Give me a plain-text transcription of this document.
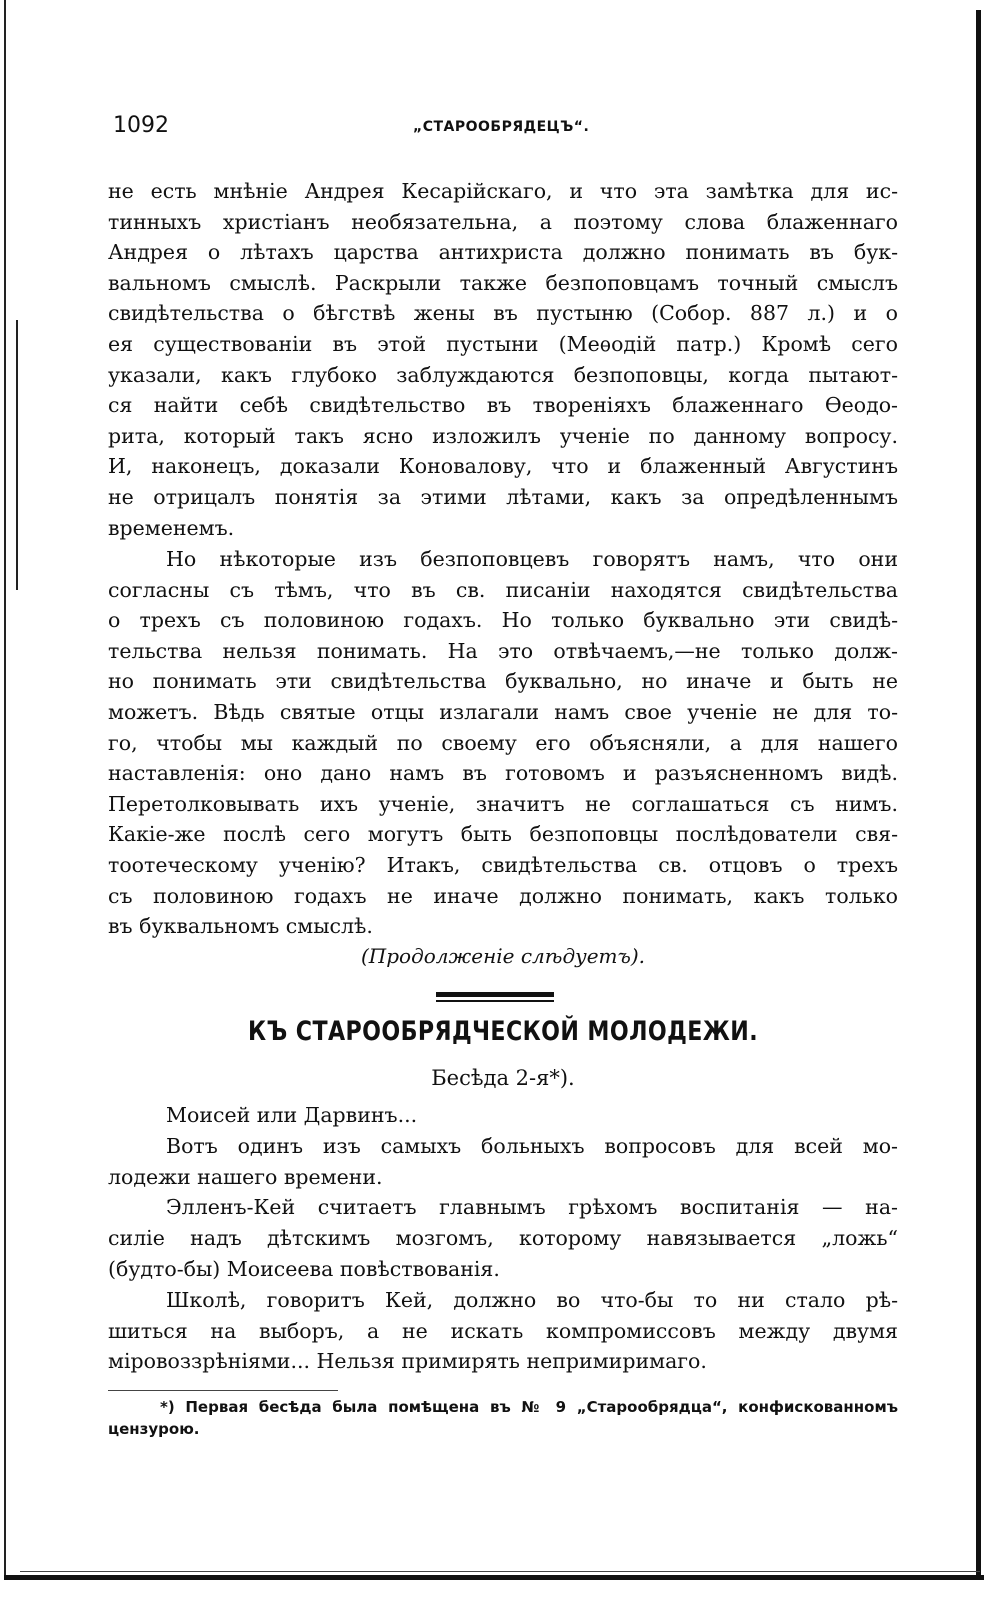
1092	„СТАРООБРЯДЕЦЪ“.

не есть мнѣніе Андрея Кесарійскаго, и что эта замѣтка для ис-

тинныхъ христіанъ необязательна, а поэтому слова блаженнаго

Андрея о лѣтахъ царства антихриста должно понимать въ бук-

вальномъ смыслѣ. Раскрыли также безпоповцамъ точный смыслъ

свидѣтельства о бѣгствѣ жены въ пустыню (Собор. 887 л.) и о

ея существованіи въ этой пустыни (Меѳодій патр.) Кромѣ сего

указали, какъ глубоко заблуждаются безпоповцы, когда пытают-

ся найти себѣ свидѣтельство въ твореніяхъ блаженнаго Ѳеодо-

рита, который такъ ясно изложилъ ученіе по данному вопросу.

И, наконецъ, доказали Коновалову, что и блаженный Августинъ

не отрицалъ понятія за этими лѣтами, какъ за опредѣленнымъ

временемъ.

Но нѣкоторые изъ безпоповцевъ говорятъ намъ, что они

согласны съ тѣмъ, что въ св. писаніи находятся свидѣтельства

о трехъ съ половиною годахъ. Но только буквально эти свидѣ-

тельства нельзя понимать. На это отвѣчаемъ,—не только долж-

но понимать эти свидѣтельства буквально, но иначе и быть не

можетъ. Вѣдь святые отцы излагали намъ свое ученіе не для то-

го, чтобы мы каждый по своему его объясняли, а для нашего

наставленія: оно дано намъ въ готовомъ и разъясненномъ видѣ.

Перетолковывать ихъ ученіе, значитъ не соглашаться съ нимъ.

Какіе-же послѣ сего могутъ быть безпоповцы послѣдователи свя-

тоотеческому ученію? Итакъ, свидѣтельства св. отцовъ о трехъ

съ половиною годахъ не иначе должно понимать, какъ только

въ буквальномъ смыслѣ.

(Продолженіе слѣдуетъ).
КЪ СТАРООБРЯДЧЕСКОЙ МОЛОДЕЖИ.
Бесѣда 2-я*).

Моисей или Дарвинъ...

Вотъ одинъ изъ самыхъ больныхъ вопросовъ для всей мо-

лодежи нашего времени.

Элленъ-Кей считаетъ главнымъ грѣхомъ воспитанія — на-

силіе надъ дѣтскимъ мозгомъ, которому навязывается „ложь“

(будто-бы) Моисеева повѣствованія.

Школѣ, говоритъ Кей, должно во что-бы то ни стало рѣ-

шиться на выборъ, а не искать компромиссовъ между двумя

міровоззрѣніями... Нельзя примирять непримиримаго.

*) Первая бесѣда была помѣщена въ № 9 „Старообрядца“, конфискованномъ

цензурою.
